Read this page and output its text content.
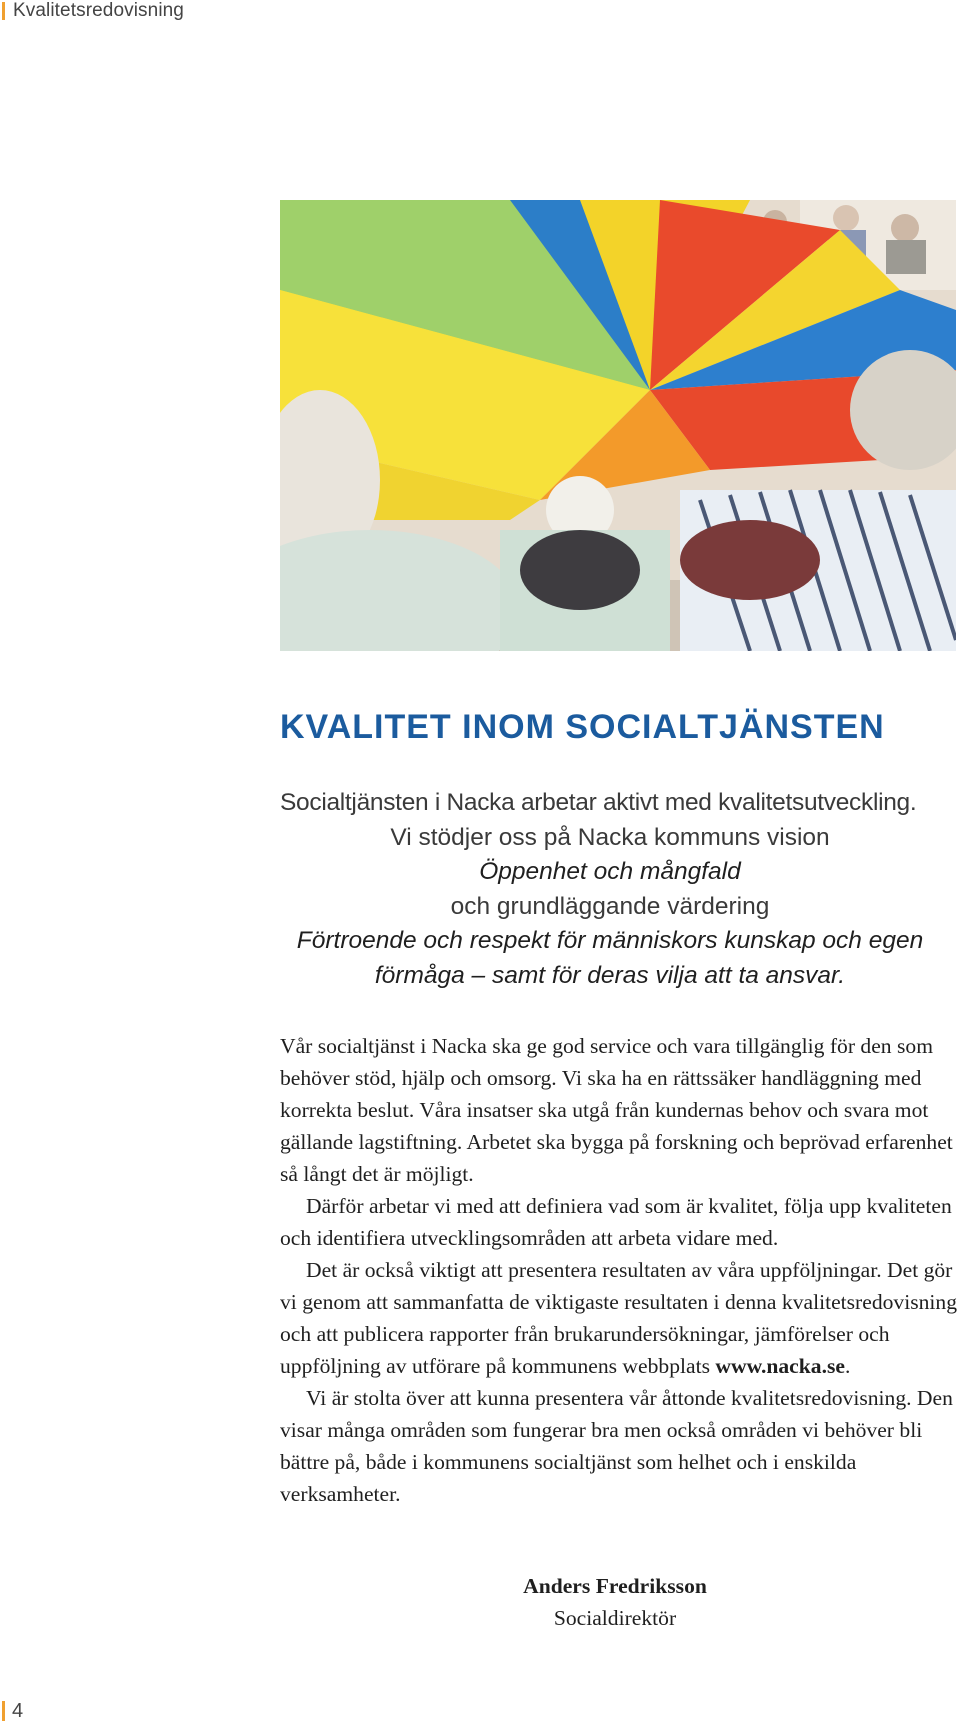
Kvalitetsredovisning
KVALITET INOM SOCIALTJÄNSTEN
Socialtjänsten i Nacka arbetar aktivt med kvalitetsutveckling.
Vi stödjer oss på Nacka kommuns vision
Öppenhet och mångfald
och grundläggande värdering
Förtroende och respekt för människors kunskap och egen
förmåga – samt för deras vilja att ta ansvar.

Vår socialtjänst i Nacka ska ge god service och vara tillgänglig för den som behöver stöd, hjälp och omsorg. Vi ska ha en rättssäker handläggning med korrekta beslut. Våra insatser ska utgå från kundernas behov och svara mot gällande lagstiftning. Arbetet ska bygga på forskning och beprövad erfarenhet så långt det är möjligt.

Därför arbetar vi med att definiera vad som är kvalitet, följa upp kvaliteten och identifiera utvecklingsområden att arbeta vidare med.

Det är också viktigt att presentera resultaten av våra uppföljningar. Det gör vi genom att sammanfatta de viktigaste resultaten i denna kvalitetsredovisning och att publicera rapporter från brukarundersökningar, jämförelser och uppföljning av utförare på kommunens webbplats www.nacka.se.

Vi är stolta över att kunna presentera vår åttonde kvalitetsredovisning. Den visar många områden som fungerar bra men också områden vi behöver bli bättre på, både i kommunens socialtjänst som helhet och i enskilda verksamheter.

Anders Fredriksson
Socialdirektör
4
